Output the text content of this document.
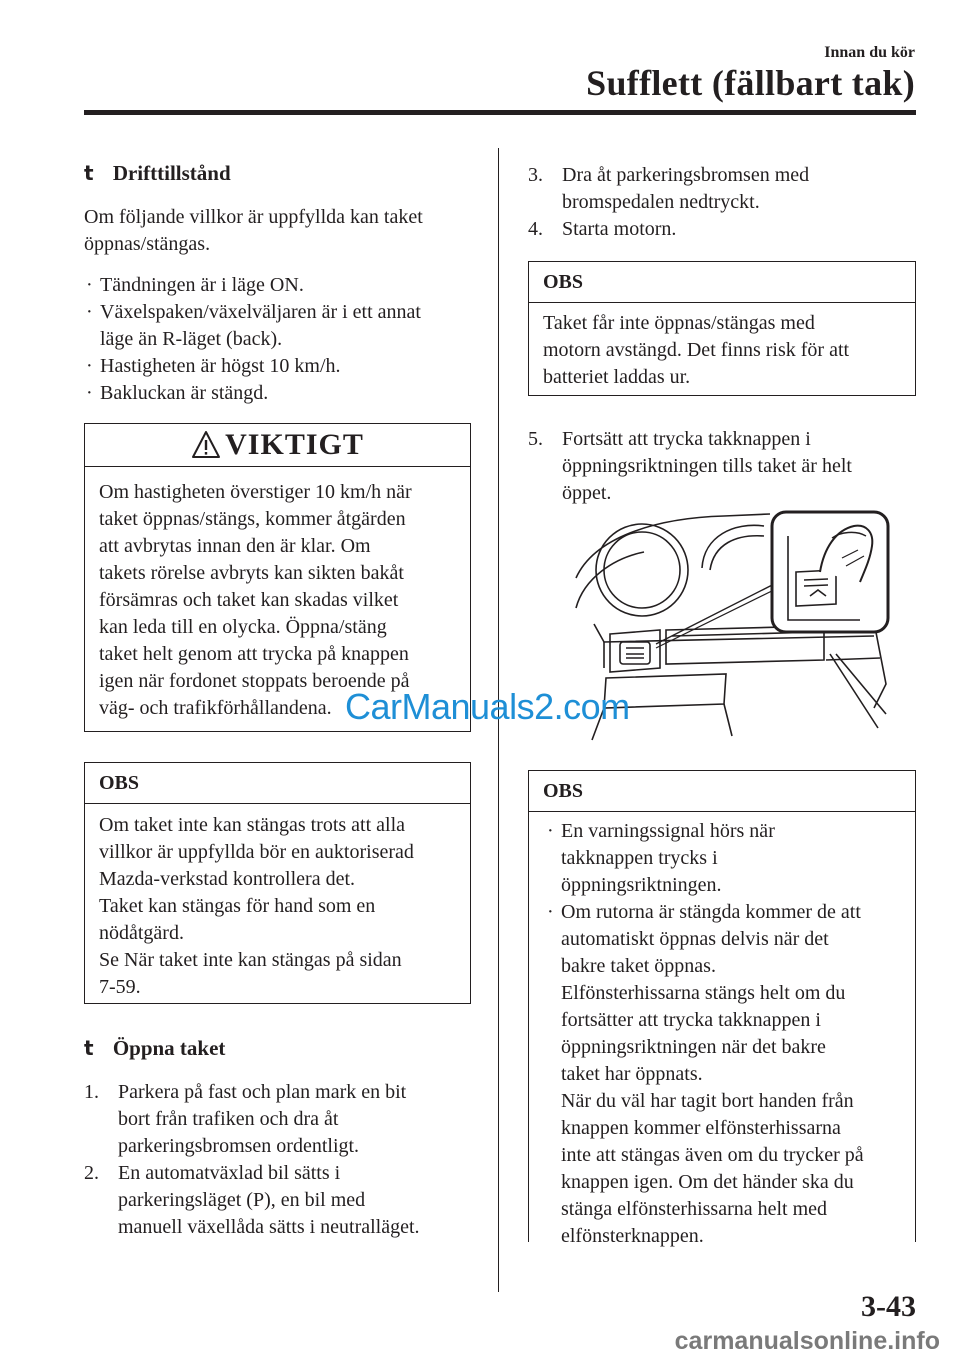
Innan du kör
Sufflett (fällbart tak)
t Drifttillstånd
Om följande villkor är uppfyllda kan taket
öppnas/stängas.
· Tändningen är i läge ON.
· Växelspaken/växelväljaren är i ett annat
läge än R-läget (back).
· Hastigheten är högst 10 km/h.
· Bakluckan är stängd.
VIKTIGT
Om hastigheten överstiger 10 km/h när
taket öppnas/stängs, kommer åtgärden
att avbrytas innan den är klar. Om
takets rörelse avbryts kan sikten bakåt
försämras och taket kan skadas vilket
kan leda till en olycka. Öppna/stäng
taket helt genom att trycka på knappen
igen när fordonet stoppats beroende på
väg- och trafikförhållandena.
OBS
Om taket inte kan stängas trots att alla
villkor är uppfyllda bör en auktoriserad
Mazda-verkstad kontrollera det.
Taket kan stängas för hand som en
nödåtgärd.
Se När taket inte kan stängas på sidan
7-59.
t Öppna taket
1. Parkera på fast och plan mark en bit
bort från trafiken och dra åt
parkeringsbromsen ordentligt.
2. En automatväxlad bil sätts i
parkeringsläget (P), en bil med
manuell växellåda sätts i neutralläget.
3. Dra åt parkeringsbromsen med
bromspedalen nedtryckt.
4. Starta motorn.
OBS
Taket får inte öppnas/stängas med
motorn avstängd. Det finns risk för att
batteriet laddas ur.
5. Fortsätt att trycka takknappen i
öppningsriktningen tills taket är helt
öppet.
OBS
· En varningssignal hörs när
takknappen trycks i
öppningsriktningen.
· Om rutorna är stängda kommer de att
automatiskt öppnas delvis när det
bakre taket öppnas.
Elfönsterhissarna stängs helt om du
fortsätter att trycka takknappen i
öppningsriktningen när det bakre
taket har öppnats.
När du väl har tagit bort handen från
knappen kommer elfönsterhissarna
inte att stängas även om du trycker på
knappen igen. Om det händer ska du
stänga elfönsterhissarna helt med
elfönsterknappen.
3-43
CarManuals2.com
carmanualsonline.info
